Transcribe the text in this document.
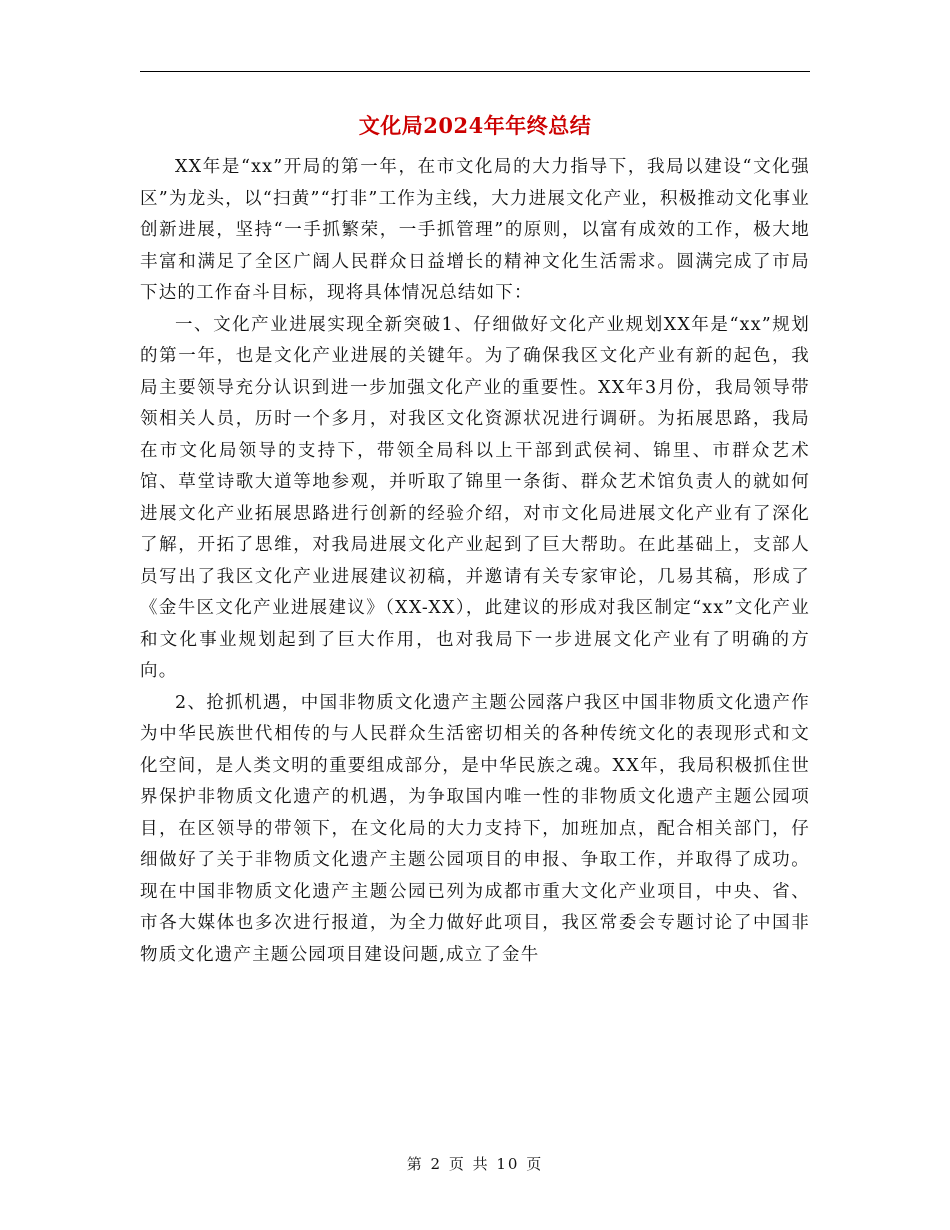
文化局2024年年终总结

XX年是“xx”开局的第一年，在市文化局的大力指导下，我局以建设“文化强区”为龙头，以“扫黄”“打非”工作为主线，大力进展文化产业，积极推动文化事业创新进展，坚持“一手抓繁荣，一手抓管理”的原则，以富有成效的工作，极大地丰富和满足了全区广阔人民群众日益增长的精神文化生活需求。圆满完成了市局下达的工作奋斗目标，现将具体情况总结如下：

一、文化产业进展实现全新突破1、仔细做好文化产业规划XX年是“xx”规划的第一年，也是文化产业进展的关键年。为了确保我区文化产业有新的起色，我局主要领导充分认识到进一步加强文化产业的重要性。XX年3月份，我局领导带领相关人员，历时一个多月，对我区文化资源状况进行调研。为拓展思路，我局在市文化局领导的支持下，带领全局科以上干部到武侯祠、锦里、市群众艺术馆、草堂诗歌大道等地参观，并听取了锦里一条街、群众艺术馆负责人的就如何进展文化产业拓展思路进行创新的经验介绍，对市文化局进展文化产业有了深化了解，开拓了思维，对我局进展文化产业起到了巨大帮助。在此基础上，支部人员写出了我区文化产业进展建议初稿，并邀请有关专家审论，几易其稿，形成了《金牛区文化产业进展建议》（XX-XX），此建议的形成对我区制定“xx”文化产业和文化事业规划起到了巨大作用，也对我局下一步进展文化产业有了明确的方向。

2、抢抓机遇，中国非物质文化遗产主题公园落户我区中国非物质文化遗产作为中华民族世代相传的与人民群众生活密切相关的各种传统文化的表现形式和文化空间，是人类文明的重要组成部分，是中华民族之魂。XX年，我局积极抓住世界保护非物质文化遗产的机遇，为争取国内唯一性的非物质文化遗产主题公园项目，在区领导的带领下，在文化局的大力支持下，加班加点，配合相关部门，仔细做好了关于非物质文化遗产主题公园项目的申报、争取工作，并取得了成功。现在中国非物质文化遗产主题公园已列为成都市重大文化产业项目，中央、省、市各大媒体也多次进行报道，为全力做好此项目，我区常委会专题讨论了中国非物质文化遗产主题公园项目建设问题,成立了金牛

第 2 页 共 10 页
